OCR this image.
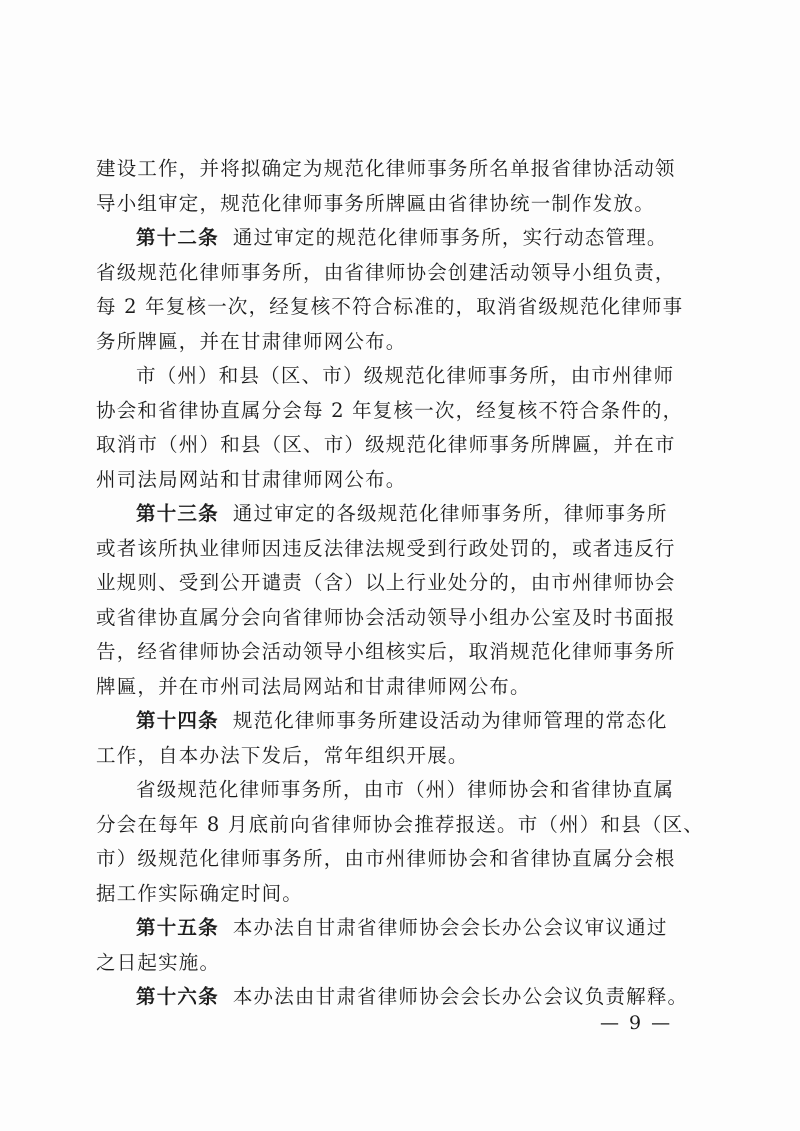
建设工作，并将拟确定为规范化律师事务所名单报省律协活动领
导小组审定，规范化律师事务所牌匾由省律协统一制作发放。
第十二条 通过审定的规范化律师事务所，实行动态管理。
省级规范化律师事务所，由省律师协会创建活动领导小组负责，
每 2 年复核一次，经复核不符合标准的，取消省级规范化律师事
务所牌匾，并在甘肃律师网公布。
市（州）和县（区、市）级规范化律师事务所，由市州律师
协会和省律协直属分会每 2 年复核一次，经复核不符合条件的，
取消市（州）和县（区、市）级规范化律师事务所牌匾，并在市
州司法局网站和甘肃律师网公布。
第十三条 通过审定的各级规范化律师事务所，律师事务所
或者该所执业律师因违反法律法规受到行政处罚的，或者违反行
业规则、受到公开谴责（含）以上行业处分的，由市州律师协会
或省律协直属分会向省律师协会活动领导小组办公室及时书面报
告，经省律师协会活动领导小组核实后，取消规范化律师事务所
牌匾，并在市州司法局网站和甘肃律师网公布。
第十四条 规范化律师事务所建设活动为律师管理的常态化
工作，自本办法下发后，常年组织开展。
省级规范化律师事务所，由市（州）律师协会和省律协直属
分会在每年 8 月底前向省律师协会推荐报送。市（州）和县（区、
市）级规范化律师事务所，由市州律师协会和省律协直属分会根
据工作实际确定时间。
第十五条 本办法自甘肃省律师协会会长办公会议审议通过
之日起实施。
第十六条 本办法由甘肃省律师协会会长办公会议负责解释。
— 9 —
